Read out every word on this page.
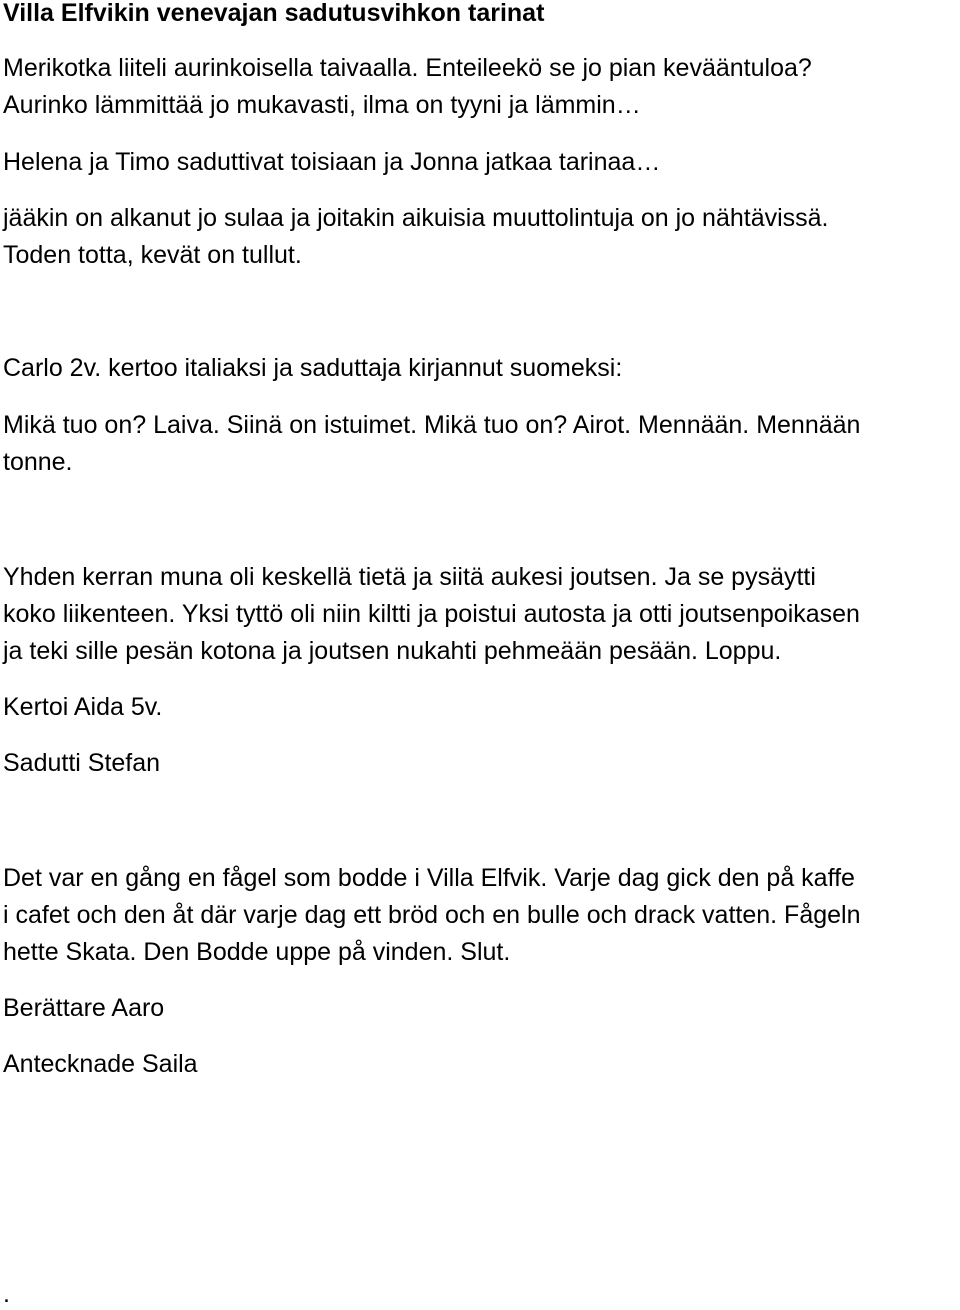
Villa Elfvikin venevajan sadutusvihkon tarinat
Merikotka liiteli aurinkoisella taivaalla. Enteileekö se jo pian kevääntuloa?
Aurinko lämmittää jo mukavasti, ilma on tyyni ja lämmin…
Helena ja Timo saduttivat toisiaan ja Jonna jatkaa tarinaa…
jääkin on alkanut jo sulaa ja joitakin aikuisia muuttolintuja on jo nähtävissä.
Toden totta, kevät on tullut.
Carlo 2v. kertoo italiaksi ja saduttaja kirjannut suomeksi:
Mikä tuo on? Laiva. Siinä on istuimet. Mikä tuo on? Airot. Mennään. Mennään
tonne.
Yhden kerran muna oli keskellä tietä ja siitä aukesi joutsen. Ja se pysäytti
koko liikenteen. Yksi tyttö oli niin kiltti ja poistui autosta ja otti joutsenpoikasen
ja teki sille pesän kotona ja joutsen nukahti pehmeään pesään. Loppu.
Kertoi Aida 5v.
Sadutti Stefan
Det var en gång en fågel som bodde i Villa Elfvik. Varje dag gick den på kaffe
i cafet och den åt där varje dag ett bröd och en bulle och drack vatten. Fågeln
hette Skata. Den Bodde uppe på vinden. Slut.
Berättare Aaro
Antecknade Saila
.
